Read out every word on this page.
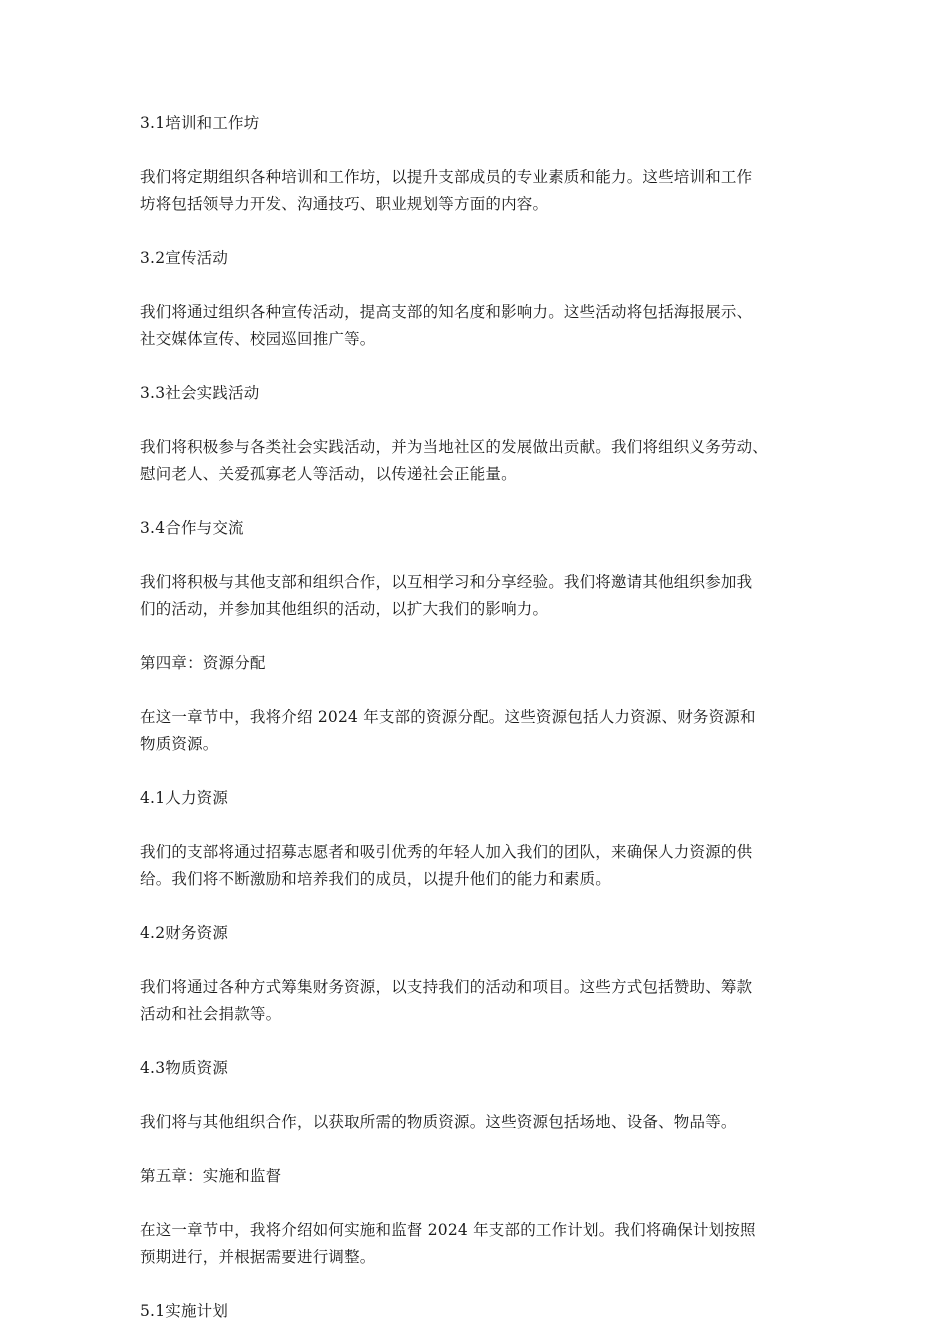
3.1培训和工作坊
我们将定期组织各种培训和工作坊，以提升支部成员的专业素质和能力。这些培训和工作
坊将包括领导力开发、沟通技巧、职业规划等方面的内容。
3.2宣传活动
我们将通过组织各种宣传活动，提高支部的知名度和影响力。这些活动将包括海报展示、
社交媒体宣传、校园巡回推广等。
3.3社会实践活动
我们将积极参与各类社会实践活动，并为当地社区的发展做出贡献。我们将组织义务劳动、
慰问老人、关爱孤寡老人等活动，以传递社会正能量。
3.4合作与交流
我们将积极与其他支部和组织合作，以互相学习和分享经验。我们将邀请其他组织参加我
们的活动，并参加其他组织的活动，以扩大我们的影响力。
第四章：资源分配
在这一章节中，我将介绍 2024 年支部的资源分配。这些资源包括人力资源、财务资源和
物质资源。
4.1人力资源
我们的支部将通过招募志愿者和吸引优秀的年轻人加入我们的团队，来确保人力资源的供
给。我们将不断激励和培养我们的成员，以提升他们的能力和素质。
4.2财务资源
我们将通过各种方式筹集财务资源，以支持我们的活动和项目。这些方式包括赞助、筹款
活动和社会捐款等。
4.3物质资源
我们将与其他组织合作，以获取所需的物质资源。这些资源包括场地、设备、物品等。
第五章：实施和监督
在这一章节中，我将介绍如何实施和监督 2024 年支部的工作计划。我们将确保计划按照
预期进行，并根据需要进行调整。
5.1实施计划
